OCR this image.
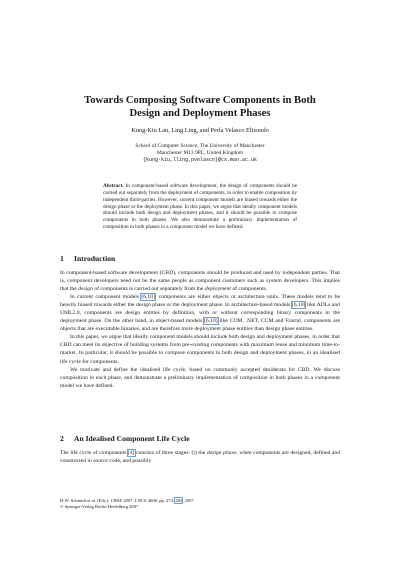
Towards Composing Software Components in Both
Design and Deployment Phases
Kung-Kiu Lau, Ling Ling, and Perla Velasco Elizondo
School of Computer Science, The University of Manchester
Manchester M13 9PL, United Kingdom
{kung-kiu,lling,pvelasco}@cs.man.ac.uk
Abstract. In component-based software development, the design of components should be carried out separately from the deployment of components, in order to enable composition by independent third-parties. However, current component models are biased towards either the design phase or the deployment phase. In this paper, we argue that ideally component models should include both design and deployment phases, and it should be possible to compose components in both phases. We also demonstrate a preliminary implementation of composition in both phases in a component model we have defined.
1 Introduction

In component-based software development (CBD), components should be produced and used by independent parties. That is, component developers need not be the same people as component customers such as system developers. This implies that the design of components is carried out separately from the deployment of components.

In current component models [6,10], components are either objects or architecture units. These models tend to be heavily biased towards either the design phase or the deployment phase. In architecture-based models [6,10] like ADLs and UML2.0, components are design entities by definition, with or without corresponding binary components in the deployment phase. On the other hand, in object-based models [6,10] like COM, .NET, CCM and Fractal, components are objects that are executable binaries, and are therefore more deployment phase entities than design phase entities.

In this paper, we argue that ideally component models should include both design and deployment phases, in order that CBD can meet its objective of building systems from pre-existing components with maximum reuse and minimum time-to-market. In particular, it should be possible to compose components in both design and deployment phases, in an idealised life cycle for components.

We motivate and define the idealised life cycle, based on commonly accepted desiderata for CBD. We discuss composition in each phase, and demonstrate a preliminary implementation of composition in both phases in a component model we have defined.

2 An Idealised Component Life Cycle

The life cycle of components [4] consists of three stages: (i) the design phase, when components are designed, defined and constructed in source code, and possibly

H.W. Schmidt et al. (Eds.): CBSE 2007, LNCS 4608, pp. 274–282, 2007.
© Springer-Verlag Berlin Heidelberg 2007
